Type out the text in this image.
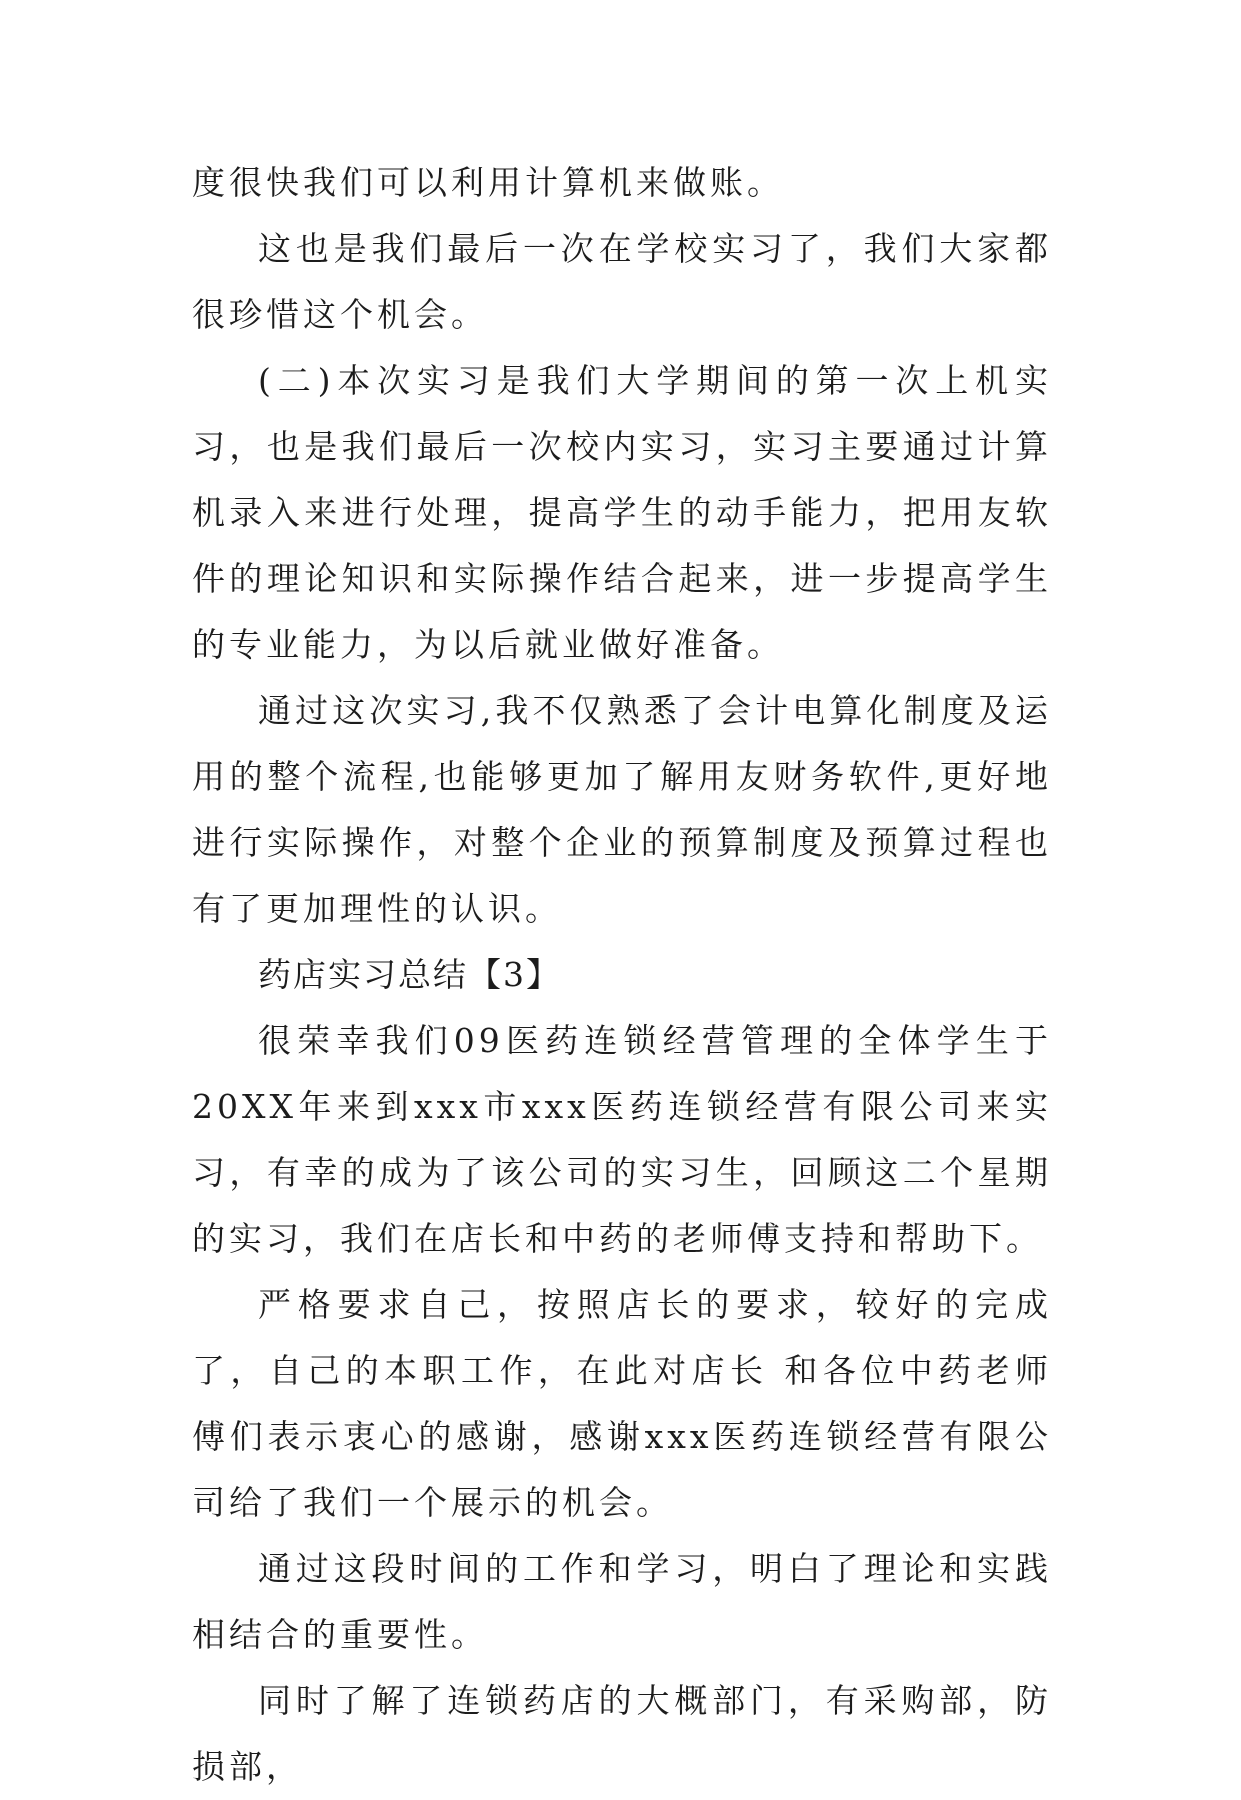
度很快我们可以利用计算机来做账。

这也是我们最后一次在学校实习了，我们大家都很珍惜这个机会。

(二)本次实习是我们大学期间的第一次上机实习，也是我们最后一次校内实习，实习主要通过计算机录入来进行处理，提高学生的动手能力，把用友软件的理论知识和实际操作结合起来，进一步提高学生的专业能力，为以后就业做好准备。

通过这次实习,我不仅熟悉了会计电算化制度及运用的整个流程,也能够更加了解用友财务软件,更好地进行实际操作，对整个企业的预算制度及预算过程也有了更加理性的认识。

药店实习总结【3】

很荣幸我们09医药连锁经营管理的全体学生于20XX年来到xxx市xxx医药连锁经营有限公司来实习，有幸的成为了该公司的实习生，回顾这二个星期的实习，我们在店长和中药的老师傅支持和帮助下。

严格要求自己，按照店长的要求，较好的完成了，自己的本职工作，在此对店长 和各位中药老师傅们表示衷心的感谢，感谢xxx医药连锁经营有限公司给了我们一个展示的机会。

通过这段时间的工作和学习，明白了理论和实践相结合的重要性。

同时了解了连锁药店的大概部门，有采购部，防损部，
